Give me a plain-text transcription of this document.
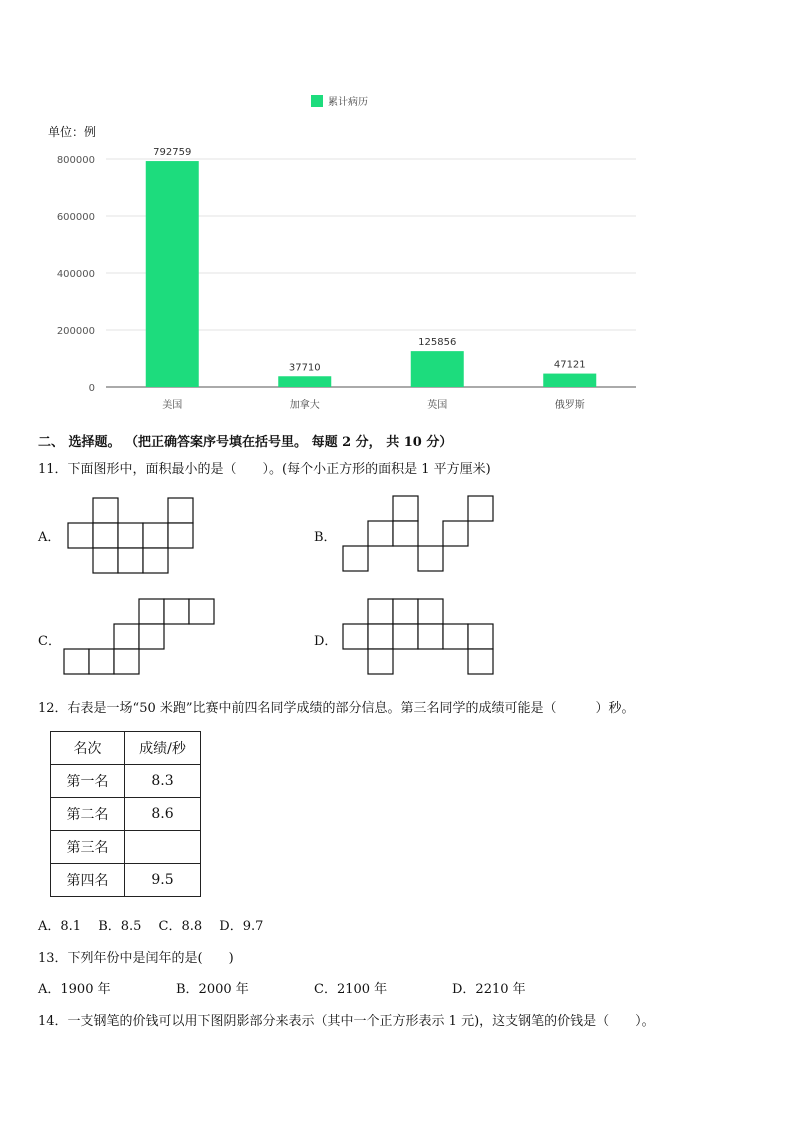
累计病历
0
200000
400000
600000
800000
792759
37710
125856
47121
美国	加拿大	英国	俄罗斯
单位：例
二、 选择题。 （把正确答案序号填在括号里。 每题 2 分， 共 10 分）
11．下面图形中，面积最小的是（　　）。(每个小正方形的面积是 1 平方厘米)
A．	B．
C．	D．
12．右表是一场“50 米跑”比赛中前四名同学成绩的部分信息。第三名同学的成绩可能是（　　　）秒。
名次	成绩/秒
第一名	8.3
第二名	8.6
第三名	
第四名	9.5
A．8.1　 B．8.5　 C．8.8　 D．9.7
13．下列年份中是闰年的是(　　)
A．1900 年	B．2000 年	C．2100 年	D．2210 年
14．一支钢笔的价钱可以用下图阴影部分来表示（其中一个正方形表示 1 元)，这支钢笔的价钱是（　　）。
